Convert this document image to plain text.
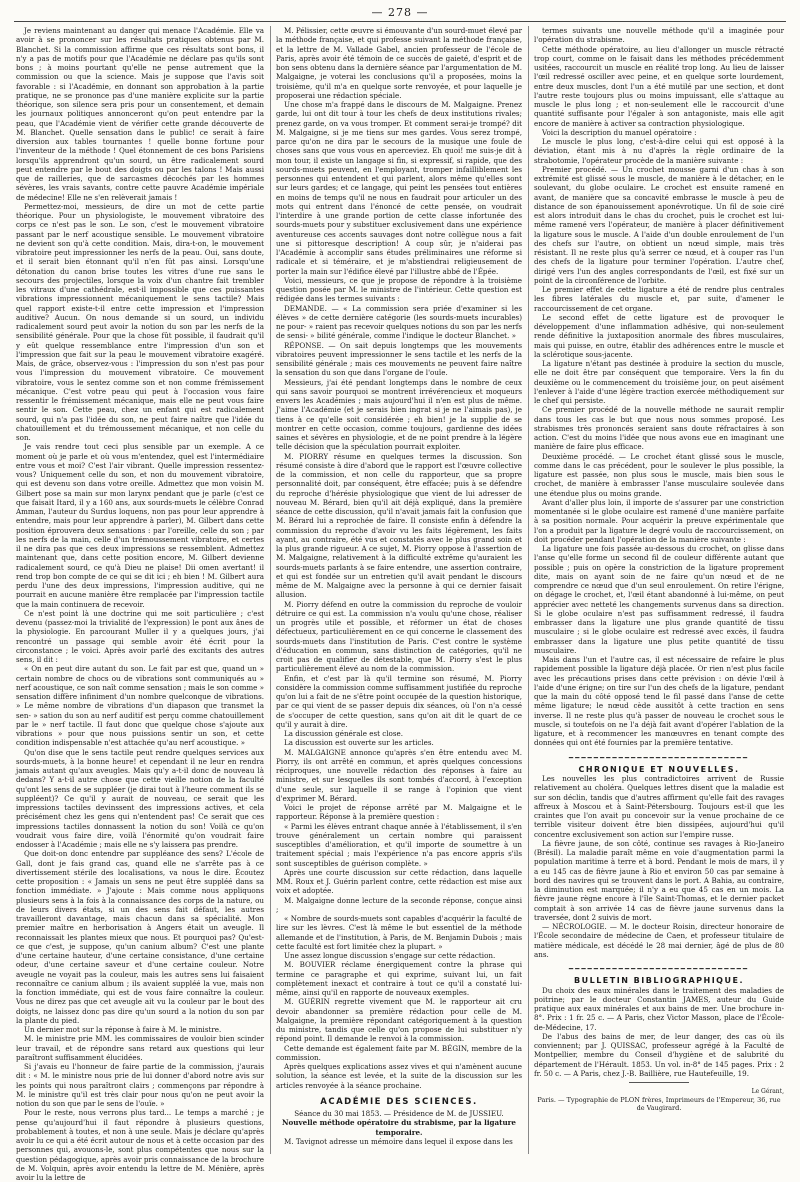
— 278 —

Je reviens maintenant au danger qui menace l'Académie. Elle va avoir à se prononcer sur les résultats pratiques obtenus par M. Blanchet. Si la commission affirme que ces résultats sont bons, il n'y a pas de motifs pour que l'Académie ne déclare pas qu'ils sont bons ; à moins pourtant qu'elle ne pense autrement que la commission ou que la science. Mais je suppose que l'avis soit favorable : si l'Académie, en donnant son approbation à la partie pratique, ne se prononce pas d'une manière explicite sur la partie théorique, son silence sera pris pour un consentement, et demain les journaux politiques annonceront qu'on peut entendre par la peau, que l'Académie vient de vérifier cette grande découverte de M. Blanchet. Quelle sensation dans le public! ce serait à faire diversion aux tables tournantes ! quelle bonne fortune pour l'inventeur de la méthode ! Quel étonnement de ces bons Parisiens lorsqu'ils apprendront qu'un sourd, un être radicalement sourd peut entendre par le bout des doigts ou par les talons ! Mais aussi que de railleries, que de sarcasmes décochés par les hommes sévères, les vrais savants, contre cette pauvre Académie impériale de médecine! Elle ne s'en relèverait jamais !

Permettez-moi, messieurs, de dire un mot de cette partie théorique. Pour un physiologiste, le mouvement vibratoire des corps ce n'est pas le son. Le son, c'est le mouvement vibratoire passant par le nerf acoustique sensible. Le mouvement vibratoire ne devient son qu'à cette condition. Mais, dira-t-on, le mouvement vibratoire peut impressionner les nerfs de la peau. Oui, sans doute, et il serait bien étonnant qu'il n'en fût pas ainsi. Lorsqu'une détonation du canon brise toutes les vitres d'une rue sans le secours des projectiles, lorsque la voix d'un chantre fait trembler les vitraux d'une cathédrale, est-il impossible que ces puissantes vibrations impressionnent mécaniquement le sens tactile? Mais quel rapport existe-t-il entre cette impression et l'impression auditive? Aucun. On nous demande si un sourd, un individu radicalement sourd peut avoir la notion du son par les nerfs de la sensibilité générale. Pour que la chose fût possible, il faudrait qu'il y eût quelque ressemblance entre l'impression d'un son et l'impression que fait sur la peau le mouvement vibratoire exagéré. Mais, de grâce, observez-vous : l'impression du son n'est pas pour vous l'impression du mouvement vibratoire. Ce mouvement vibratoire, vous le sentez comme son et non comme frémissement mécanique. C'est votre peau qui peut à l'occasion vous faire ressentir le frémissement mécanique, mais elle ne peut vous faire sentir le son. Cette peau, chez un enfant qui est radicalement sourd, qui n'a pas l'idée du son, ne peut faire naître que l'idée du chatouillement et du trémoussement mécanique, et non celle du son.

Je vais rendre tout ceci plus sensible par un exemple. A ce moment où je parle et où vous m'entendez, quel est l'intermédiaire entre vous et moi? C'est l'air vibrant. Quelle impression ressentez-vous? Uniquement celle du son, et non du mouvement vibratoire, qui est devenu son dans votre oreille. Admettez que mon voisin M. Gilbert pose sa main sur mon larynx pendant que je parle (c'est ce que faisait Itard, il y a 160 ans, aux sourds-muets le célèbre Conrad Amman, l'auteur du Surdus loquens, non pas pour leur apprendre à entendre, mais pour leur apprendre à parler), M. Gilbert dans cette position éprouvera deux sensations : par l'oreille, celle du son ; par les nerfs de la main, celle d'un trémoussement vibratoire, et certes il ne dira pas que ces deux impressions se ressemblent. Admettez maintenant que, dans cette position encore, M. Gilbert devienne radicalement sourd, ce qu'à Dieu ne plaise! Dii omen avertant! il rend trop bon compte de ce qui se dit ici ; eh bien ! M. Gilbert aura perdu l'une des deux impressions, l'impression auditive, qui ne pourrait en aucune manière être remplacée par l'impression tactile que la main continuera de recevoir.

Ce n'est point là une doctrine qui me soit particulière ; c'est devenu (passez-moi la trivialité de l'expression) le pont aux ânes de la physiologie. En parcourant Muller il y a quelques jours, j'ai rencontré un passage qui semble avoir été écrit pour la circonstance ; le voici. Après avoir parlé des excitants des autres sens, il dit :

« On en peut dire autant du son. Le fait par est que, quand un » certain nombre de chocs ou de vibrations sont communiqués au » nerf acoustique, ce son naît comme sensation ; mais le son comme » sensation diffère infiniment d'un nombre quelconque de vibrations. » Le même nombre de vibrations d'un diapason que transmet la sen- » sation du son au nerf auditif est perçu comme chatouillement par le » nerf tactile. Il faut donc que quelque chose s'ajoute aux vibrations » pour que nous puissions sentir un son, et cette condition indispensable n'est attachée qu'au nerf acoustique. »

Qu'on dise que le sens tactile peut rendre quelques services aux sourds-muets, à la bonne heure! et cependant il ne leur en rendra jamais autant qu'aux aveugles. Mais qu'y a-t-il donc de nouveau là dedans? Y a-t-il autre chose que cette vieille notion de la faculté qu'ont les sens de se suppléer (je dirai tout à l'heure comment ils se suppléent)? Ce qu'il y aurait de nouveau, ce serait que les impressions tactiles devinssent des impressions actives, et cela précisément chez les gens qui n'entendent pas! Ce serait que ces impressions tactiles donnassent la notion du son! Voilà ce qu'on voudrait vous faire dire, voilà l'énormité qu'on voudrait faire endosser à l'Académie ; mais elle ne s'y laissera pas prendre.

Que doit-on donc entendre par suppléance des sens? L'école de Gall, dont je fais grand cas, quand elle ne s'arrête pas à ce divertissement stérile des localisations, va nous le dire. Écoutez cette proposition : « Jamais un sens ne peut être suppléé dans sa fonction immédiate. » J'ajoute : Mais comme nous appliquons plusieurs sens à la fois à la connaissance des corps de la nature, ou de leurs divers états, si un des sens fait défaut, les autres travailleront davantage, mais chacun dans sa spécialité. Mon premier maître en herborisation à Angers était un aveugle. Il reconnaissait les plantes mieux que nous. Et pourquoi pas? Qu'est-ce que c'est, je suppose, qu'un canium album? C'est une plante d'une certaine hauteur, d'une certaine consistance, d'une certaine odeur, d'une certaine saveur et d'une certaine couleur. Notre aveugle ne voyait pas la couleur, mais les autres sens lui faisaient reconnaître ce canium album ; ils avaient suppléé la vue, mais non la fonction immédiate, qui est de vous faire connaître la couleur. Vous ne direz pas que cet aveugle ait vu la couleur par le bout des doigts, ne laissez donc pas dire qu'un sourd a la notion du son par la plante du pied.

Un dernier mot sur la réponse à faire à M. le ministre.

M. le ministre prie MM. les commissaires de vouloir bien scinder leur travail, et de répondre sans retard aux questions qui leur paraîtront suffisamment élucidées.

Si j'avais eu l'honneur de faire partie de la commission, j'aurais dit : « M. le ministre nous prie de lui donner d'abord notre avis sur les points qui nous paraîtront clairs ; commençons par répondre à M. le ministre qu'il est très clair pour nous qu'on ne peut avoir la notion du son que par le sens de l'ouïe. »

Pour le reste, nous verrons plus tard... Le temps a marché ; je pense qu'aujourd'hui il faut répondre à plusieurs questions, probablement à toutes, et non à une seule. Mais je déclare qu'après avoir lu ce qui a été écrit autour de nous et à cette occasion par des personnes qui, avouons-le, sont plus compétentes que nous sur la question pédagogique, après avoir pris connaissance de la brochure de M. Volquin, après avoir entendu la lettre de M. Ménière, après avoir lu la lettre de

M. Pélissier, cette œuvre si émouvante d'un sourd-muet élevé par la méthode française, et qui professe suivant la méthode française, et la lettre de M. Vallade Gabel, ancien professeur de l'école de Paris, après avoir été témoin de ce succès de gaieté, d'esprit et de bon sens obtenu dans la dernière séance par l'argumentation de M. Malgaigne, je voterai les conclusions qu'il a proposées, moins la troisième, qu'il m'a en quelque sorte renvoyée, et pour laquelle je proposerai une rédaction spéciale.

Une chose m'a frappé dans le discours de M. Malgaigne. Prenez garde, lui ont dit tour à tour les chefs de deux institutions rivales; prenez garde, on va vous tromper. Et comment serai-je trompé? dit M. Malgaigne, si je me tiens sur mes gardes. Vous serez trompé, parce qu'on ne dira par le secours de la musique une foule de choses sans que vous vous en aperceviez. Eh quoi! me suis-je dit à mon tour, il existe un langage si fin, si expressif, si rapide, que des sourds-muets peuvent, en l'employant, tromper infailliblement les personnes qui entendent et qui parlent, alors même qu'elles sont sur leurs gardes; et ce langage, qui peint les pensées tout entières en moins de temps qu'il ne nous en faudrait pour articuler un des mots qui entrent dans l'énoncé de cette pensée, on voudrait l'interdire à une grande portion de cette classe infortunée des sourds-muets pour y substituer exclusivement dans une expérience aventureuse ces accents sauvages dont notre collègue nous a fait une si pittoresque description! A coup sûr, je n'aiderai pas l'Académie à accomplir sans études préliminaires une réforme si radicale et si téméraire, et je m'abstiendrai religieusement de porter la main sur l'édifice élevé par l'illustre abbé de l'Épée.

Voici, messieurs, ce que je propose de répondre à la troisième question posée par M. le ministre de l'intérieur. Cette question est rédigée dans les termes suivants :

DEMANDE. — « La commission sera priée d'examiner si les élèves » de cette dernière catégorie (les sourds-muets incurables) ne pour- » raient pas recevoir quelques notions du son par les nerfs de sensi- » bilité générale, comme l'indique le docteur Blanchet. »

RÉPONSE. — On sait depuis longtemps que les mouvements vibratoires peuvent impressionner le sens tactile et les nerfs de la sensibilité générale ; mais ces mouvements ne peuvent faire naître la sensation du son que dans l'organe de l'ouïe.

Messieurs, j'ai été pendant longtemps dans le nombre de ceux qui sans savoir pourquoi se montrent irrévérencieux et moqueurs envers les Académies ; mais aujourd'hui il n'en est plus de même. J'aime l'Académie (et je serais bien ingrat si je ne l'aimais pas), je tiens à ce qu'elle soit considérée ; eh bien! je la supplie de se montrer en cette occasion, comme toujours, gardienne des idées saines et sévères en physiologie, et de ne point prendre à la légère telle décision que la spéculation pourrait exploiter.

M. PIORRY résume en quelques termes la discussion. Son résumé consiste à dire d'abord que le rapport est l'œuvre collective de la commission, et non celle du rapporteur, que sa propre personnalité doit, par conséquent, être effacée; puis à se défendre du reproche d'hérésie physiologique que vient de lui adresser de nouveau M. Bérard, bien qu'il ait déjà expliqué, dans la première séance de cette discussion, qu'il n'avait jamais fait la confusion que M. Bérard lui a reprochée de faire. Il consiste enfin à défendre la commission du reproche d'avoir vu les faits légèrement, les faits ayant, au contraire, été vus et constatés avec le plus grand soin et la plus grande rigueur. A ce sujet, M. Piorry oppose à l'assertion de M. Malgaigne, relativement à la difficulté extrême qu'auraient les sourds-muets parlants à se faire entendre, une assertion contraire, et qui est fondée sur un entretien qu'il avait pendant le discours même de M. Malgaigne avec la personne à qui ce dernier faisait allusion.

M. Piorry défend en outre la commission du reproche de vouloir détruire ce qui est. La commission n'a voulu qu'une chose, réaliser un progrès utile et possible, et réformer un état de choses défectueux, particulièrement en ce qui concerne le classement des sourds-muets dans l'institution de Paris. C'est contre le système d'éducation en commun, sans distinction de catégories, qu'il ne croit pas de qualifier de détestable, que M. Piorry s'est le plus particulièrement élevé au nom de la commission.

Enfin, et c'est par là qu'il termine son résumé, M. Piorry considère la commission comme suffisamment justifiée du reproche qu'on lui a fait de ne s'être point occupée de la question historique, par ce qui vient de se passer depuis dix séances, où l'on n'a cessé de s'occuper de cette question, sans qu'on ait dit le quart de ce qu'il y aurait à dire.

La discussion générale est close.

La discussion est ouverte sur les articles.

M. MALGAIGNE annonce qu'après s'en être entendu avec M. Piorry, ils ont arrêté en commun, et après quelques concessions réciproques, une nouvelle rédaction des réponses à faire au ministre, et sur lesquelles ils sont tombés d'accord, à l'exception d'une seule, sur laquelle il se range à l'opinion que vient d'exprimer M. Bérard.

Voici le projet de réponse arrêté par M. Malgaigne et le rapporteur. Réponse à la première question :

« Parmi les élèves entrant chaque année à l'établissement, il s'en trouve généralement un certain nombre qui paraissent susceptibles d'amélioration, et qu'il importe de soumettre à un traitement spécial ; mais l'expérience n'a pas encore appris s'ils sont susceptibles de guérison complète. »

Après une courte discussion sur cette rédaction, dans laquelle MM. Roux et J. Guérin parlent contre, cette rédaction est mise aux voix et adoptée.

M. Malgaigne donne lecture de la seconde réponse, conçue ainsi ;

« Nombre de sourds-muets sont capables d'acquérir la faculté de lire sur les lèvres. C'est là même le but essentiel de la méthode allemande et de l'institution, à Paris, de M. Benjamin Dubois ; mais cette faculté est fort limitée chez la plupart. »

Une assez longue discussion s'engage sur cette rédaction.

M. BOUVIER réclame énergiquement contre la phrase qui termine ce paragraphe et qui exprime, suivant lui, un fait complètement inexact et contraire à tout ce qu'il a constaté lui-même, ainsi qu'il en rapporte de nouveaux exemples.

M. GUÉRIN regrette vivement que M. le rapporteur ait cru devoir abandonner sa première rédaction pour celle de M. Malgaigne, la première répondant catégoriquement à la question du ministre, tandis que celle qu'on propose de lui substituer n'y répond point. Il demande le renvoi à la commission.

Cette demande est également faite par M. BÉGIN, membre de la commission.

Après quelques explications assez vives et qui n'amènent aucune solution, la séance est levée, et la suite de la discussion sur les articles renvoyée à la séance prochaine.

ACADÉMIE DES SCIENCES.

Séance du 30 mai 1853. — Présidence de M. de JUSSIEU.

Nouvelle méthode opératoire du strabisme, par la ligature temporaire.

M. Tavignot adresse un mémoire dans lequel il expose dans les

termes suivants une nouvelle méthode qu'il a imaginée pour l'opération du strabisme.

Cette méthode opératoire, au lieu d'allonger un muscle rétracté trop court, comme on le faisait dans les méthodes précédemment usitées, raccourcit un muscle en réalité trop long. Au lieu de laisser l'œil redressé osciller avec peine, et en quelque sorte lourdement, entre deux muscles, dont l'un a été mutilé par une section, et dont l'autre reste toujours plus ou moins impuissant, elle s'attaque au muscle le plus long ; et non-seulement elle le raccourcit d'une quantité suffisante pour l'égaler à son antagoniste, mais elle agit encore de manière à activer sa contraction physiologique.

Voici la description du manuel opératoire :

Le muscle le plus long, c'est-à-dire celui qui est opposé à la déviation, étant mis à nu d'après la règle ordinaire de la strabotomie, l'opérateur procède de la manière suivante :

Premier procédé. — Un crochet mousse garni d'un chas à son extrémité est glissé sous le muscle, de manière à le détacher, en le soulevant, du globe oculaire. Le crochet est ensuite ramené en avant, de manière que sa concavité embrasse le muscle à peu de distance de son épanouissement aponévrotique. Un fil de soie ciré est alors introduit dans le chas du crochet, puis le crochet est lui-même ramené vers l'opérateur, de manière à placer définitivement la ligature sous le muscle. A l'aide d'un double enroulement de l'un des chefs sur l'autre, on obtient un nœud simple, mais très résistant. Il ne reste plus qu'à serrer ce nœud, et à couper ras l'un des chefs de la ligature pour terminer l'opération. L'autre chef, dirigé vers l'un des angles correspondants de l'œil, est fixé sur un point de la circonférence de l'orbite.

Le premier effet de cette ligature a été de rendre plus centrales les fibres latérales du muscle et, par suite, d'amener le raccourcissement de cet organe.

Le second effet de cette ligature est de provoquer le développement d'une inflammation adhésive, qui non-seulement rende définitive la juxtaposition anormale des fibres musculaires, mais qui puisse, en outre, établir des adhérences entre le muscle et la sclérotique sous-jacente.

La ligature n'étant pas destinée à produire la section du muscle, elle ne doit être par conséquent que temporaire. Vers la fin du deuxième ou le commencement du troisième jour, on peut aisément l'enlever à l'aide d'une légère traction exercée méthodiquement sur le chef qui persiste.

Ce premier procédé de la nouvelle méthode ne saurait remplir dans tous les cas le but que nous nous sommes proposé. Les strabismes très prononcés seraient sans doute réfractaires à son action. C'est du moins l'idée que nous avons eue en imaginant une manière de faire plus efficace.

Deuxième procédé. — Le crochet étant glissé sous le muscle, comme dans le cas précédent, pour le soulever le plus possible, la ligature est passée, non plus sous le muscle, mais bien sous le crochet, de manière à embrasser l'anse musculaire soulevée dans une étendue plus ou moins grande.

Avant d'aller plus loin, il importe de s'assurer par une constriction momentanée si le globe oculaire est ramené d'une manière parfaite à sa position normale. Pour acquérir la preuve expérimentale que l'on a produit par la ligature le degré voulu de raccourcissement, on doit procéder pendant l'opération de la manière suivante :

La ligature une fois passée au-dessous du crochet, on glisse dans l'anse qu'elle forme un second fil de couleur différente autant que possible ; puis on opère la constriction de la ligature proprement dite, mais on ayant soin de ne faire qu'un nœud et de ne comprendre ce nœud que d'un seul enroulement. On retire l'érigne, on dégage le crochet, et, l'œil étant abandonné à lui-même, on peut apprécier avec netteté les changements survenus dans sa direction. Si le globe oculaire n'est pas suffisamment redressé, il faudra embrasser dans la ligature une plus grande quantité de tissu musculaire ; si le globe oculaire est redressé avec excès, il faudra embrasser dans la ligature une plus petite quantité de tissu musculaire.

Mais dans l'un et l'autre cas, il est nécessaire de refaire le plus rapidement possible la ligature déjà placée. Or rien n'est plus facile avec les précautions prises dans cette prévision : on dévie l'œil à l'aide d'une érigne; on tire sur l'un des chefs de la ligature, pendant que la main du côté opposé tend le fil passé dans l'anse de cette même ligature; le nœud cède aussitôt à cette traction en sens inverse. Il ne reste plus qu'à passer de nouveau le crochet sous le muscle, si toutefois on ne l'a déjà fait avant d'opérer l'ablation de la ligature, et à recommencer les manœuvres en tenant compte des données qui ont été fournies par la première tentative.

━━━━━━━━━━━━━━━━━━━━━━━━━━━━━

CHRONIQUE ET NOUVELLES.

Les nouvelles les plus contradictoires arrivent de Russie relativement au choléra. Quelques lettres disent que la maladie est sur son déclin, tandis que d'autres affirment qu'elle fait des ravages affreux à Moscou et à Saint-Pétersbourg. Toujours est-il que les craintes que l'on avait pu concevoir sur la venue prochaine de ce terrible visiteur doivent être bien dissipées, aujourd'hui qu'il concentre exclusivement son action sur l'empire russe.

La fièvre jaune, de son côté, continue ses ravages à Rio-Janeiro (Brésil). La maladie paraît même en voie d'augmentation parmi la population maritime à terre et à bord. Pendant le mois de mars, il y a eu 145 cas de fièvre jaune à Rio et environ 50 cas par semaine à bord des navires qui se trouvent dans le port. A Bahia, au contraire, la diminution est marquée; il n'y a eu que 45 cas en un mois. La fièvre jaune règne encore à l'île Saint-Thomas, et le dernier packet comptait à son arrivée 14 cas de fièvre jaune survenus dans la traversée, dont 2 suivis de mort.

— NÉCROLOGIE. — M. le docteur Roisin, directeur honoraire de l'École secondaire de médecine de Caen, et professeur titulaire de matière médicale, est décédé le 28 mai dernier, âgé de plus de 80 ans.

━━━━━━━━━━━━━━━━━━━━━━━━━━━━━

BULLETIN BIBLIOGRAPHIQUE.

Du choix des eaux minérales dans le traitement des maladies de poitrine; par le docteur Constantin JAMES, auteur du Guide pratique aux eaux minérales et aux bains de mer. Une brochure in-8°. Prix : 1 fr. 25 c. — A Paris, chez Victor Masson, place de l'École-de-Médecine, 17.

De l'abus des bains de mer, de leur danger, des cas où ils conviennent; par J. QUISSAC, professeur agrégé à la Faculté de Montpellier, membre du Conseil d'hygiène et de salubrité du département de l'Hérault. 1853. Un vol. in-8° de 145 pages. Prix : 2 fr. 50 c. — A Paris, chez J.-B. Baillière, rue Hautefeuille, 19.

Le Gérant,

Paris. — Typographie de PLON frères, Imprimeurs de l'Empereur, 36, rue de Vaugirard.
